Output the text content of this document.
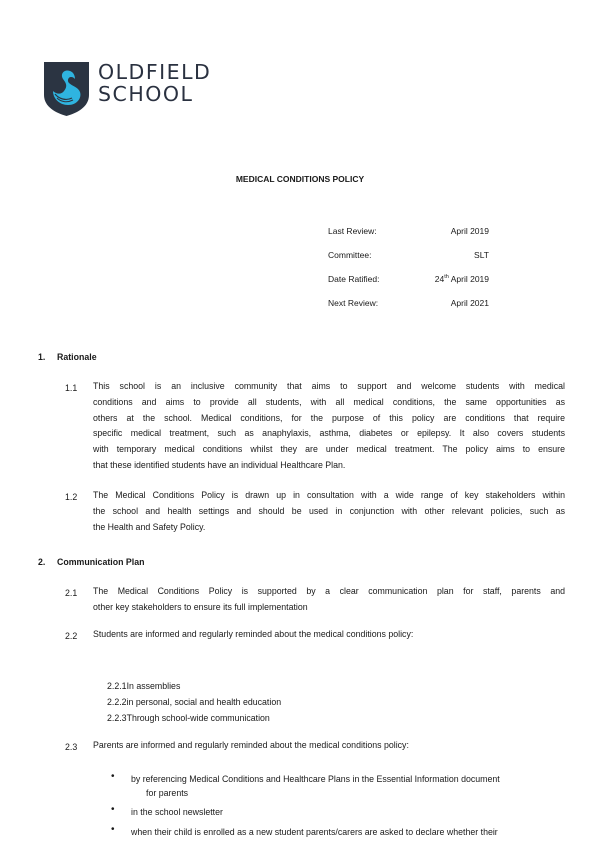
OLDFIELD
SCHOOL
MEDICAL CONDITIONS POLICY
Last Review:	April 2019
Committee:	SLT
Date Ratified:	24th April 2019
Next Review:	April 2021
1. Rationale
1.1 This school is an inclusive community that aims to support and welcome students with medical
conditions and aims to provide all students, with all medical conditions, the same opportunities as
others at the school. Medical conditions, for the purpose of this policy are conditions that require
specific medical treatment, such as anaphylaxis, asthma, diabetes or epilepsy. It also covers students
with temporary medical conditions whilst they are under medical treatment. The policy aims to ensure
that these identified students have an individual Healthcare Plan.
1.2 The Medical Conditions Policy is drawn up in consultation with a wide range of key stakeholders within
the school and health settings and should be used in conjunction with other relevant policies, such as
the Health and Safety Policy.
2. Communication Plan
2.1 The Medical Conditions Policy is supported by a clear communication plan for staff, parents and
other key stakeholders to ensure its full implementation
2.2 Students are informed and regularly reminded about the medical conditions policy:
2.2.1In assemblies
2.2.2in personal, social and health education
2.2.3Through school-wide communication
2.3 Parents are informed and regularly reminded about the medical conditions policy:
• by referencing Medical Conditions and Healthcare Plans in the Essential Information document
for parents
• in the school newsletter
• when their child is enrolled as a new student parents/carers are asked to declare whether their
